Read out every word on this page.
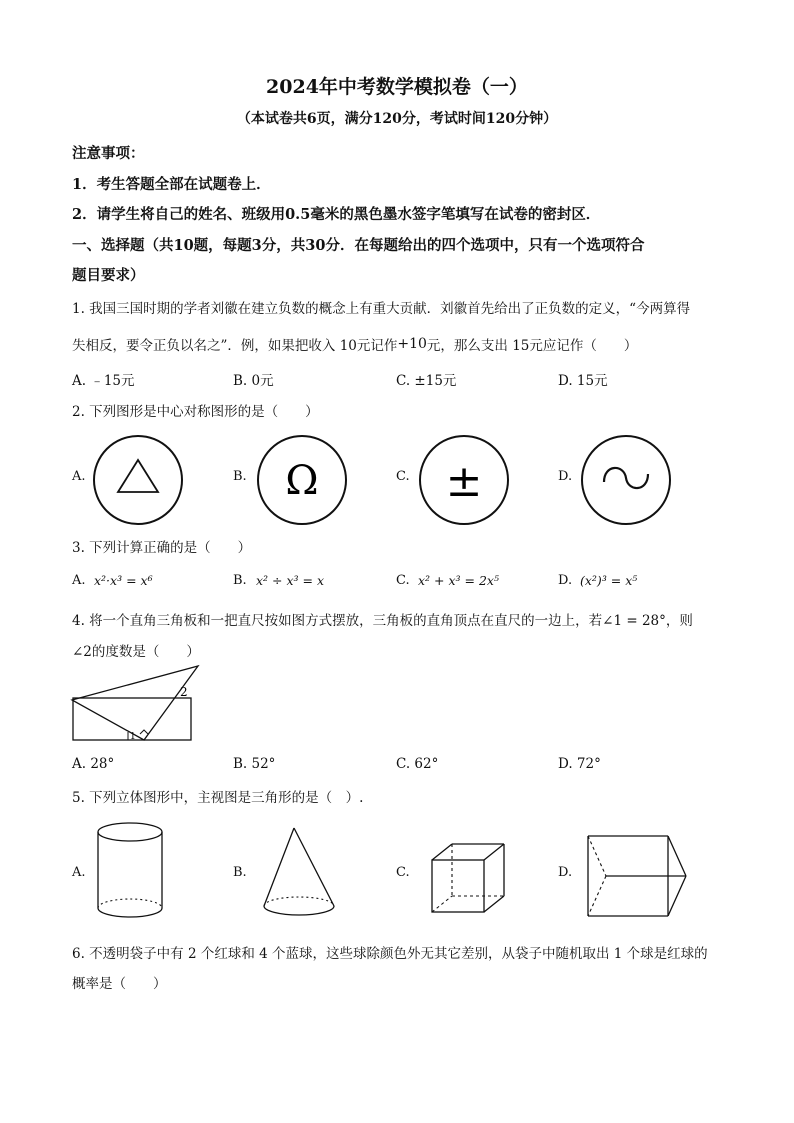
2024年中考数学模拟卷（一）
（本试卷共6页，满分120分，考试时间120分钟）
注意事项：
1．考生答题全部在试题卷上．
2．请学生将自己的姓名、班级用0.5毫米的黑色墨水签字笔填写在试卷的密封区．
一、选择题（共10题，每题3分，共30分．在每题给出的四个选项中，只有一个选项符合
题目要求）
1. 我国三国时期的学者刘徽在建立负数的概念上有重大贡献．刘徽首先给出了正负数的定义，“今两算得
失相反，要令正负以名之”．例，如果把收入 10元记作+10元，那么支出 15元应记作（　　）
A. ﹣15元	B. 0元	C. ±15元	D. 15元
2. 下列图形是中心对称图形的是（　　）
A.	B.	C.	D.
Ω	±
3. 下列计算正确的是（　　）
A.	B.	C.	D.
x²·x³ = x⁶	x² ÷ x³ = x	x² + x³ = 2x⁵	(x²)³ = x⁵
4. 将一个直角三角板和一把直尺按如图方式摆放，三角板的直角顶点在直尺的一边上，若∠1 = 28°，则
∠2的度数是（　　）
1
2
A. 28°	B. 52°	C. 62°	D. 72°
5. 下列立体图形中，主视图是三角形的是（　）.
A.	B.	C.	D.
6. 不透明袋子中有 2 个红球和 4 个蓝球，这些球除颜色外无其它差别，从袋子中随机取出 1 个球是红球的
概率是（　　）
